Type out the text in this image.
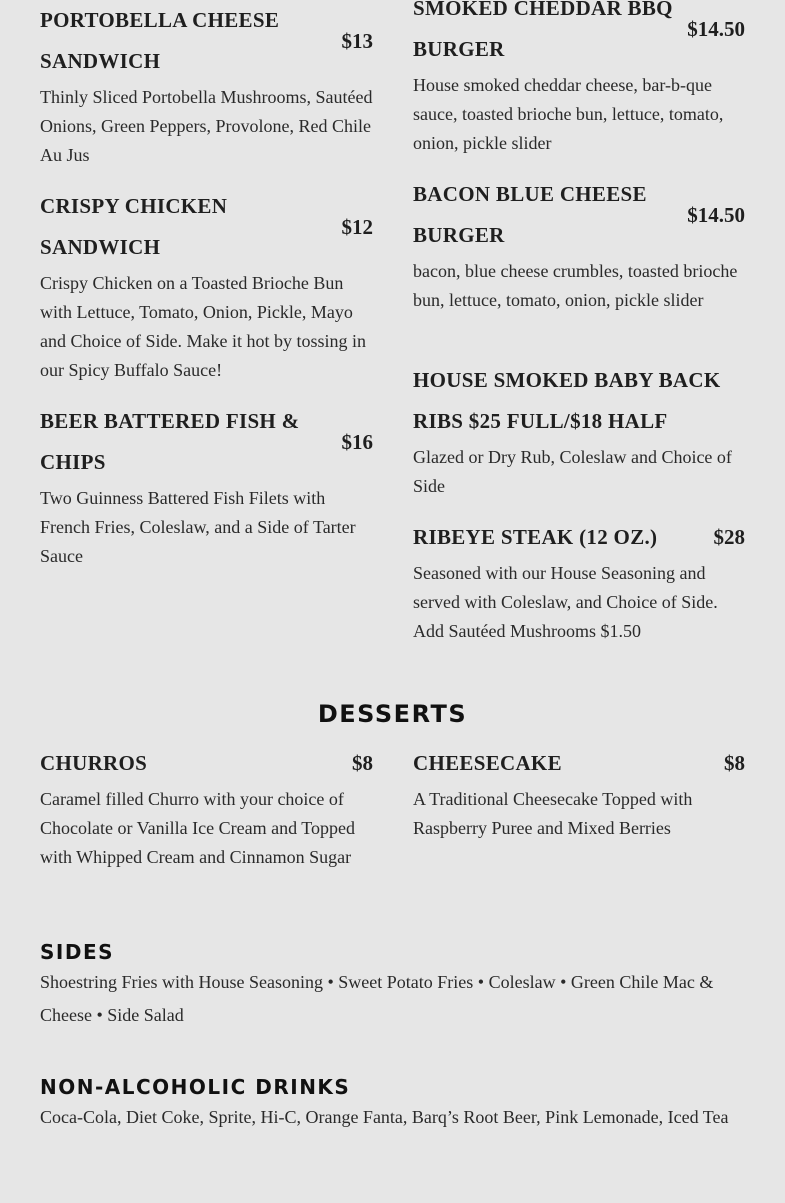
PORTOBELLA CHEESE SANDWICH
$13
Thinly Sliced Portobella Mushrooms, Sautéed Onions, Green Peppers, Provolone, Red Chile Au Jus
CRISPY CHICKEN SANDWICH
$12
Crispy Chicken on a Toasted Brioche Bun with Lettuce, Tomato, Onion, Pickle, Mayo and Choice of Side. Make it hot by tossing in our Spicy Buffalo Sauce!
BEER BATTERED FISH & CHIPS
$16
Two Guinness Battered Fish Filets with French Fries, Coleslaw, and a Side of Tarter Sauce
SMOKED CHEDDAR BBQ BURGER
$14.50
House smoked cheddar cheese, bar-b-que sauce, toasted brioche bun, lettuce, tomato, onion, pickle slider
BACON BLUE CHEESE BURGER
$14.50
bacon, blue cheese crumbles, toasted brioche bun, lettuce, tomato, onion, pickle slider
HOUSE SMOKED BABY BACK RIBS $25 FULL/$18 HALF
Glazed or Dry Rub, Coleslaw and Choice of Side
RIBEYE STEAK (12 OZ.)	$28
Seasoned with our House Seasoning and served with Coleslaw, and Choice of Side. Add Sautéed Mushrooms $1.50
DESSERTS
CHURROS	$8
Caramel filled Churro with your choice of Chocolate or Vanilla Ice Cream and Topped with Whipped Cream and Cinnamon Sugar
CHEESECAKE	$8
A Traditional Cheesecake Topped with Raspberry Puree and Mixed Berries
SIDES
Shoestring Fries with House Seasoning • Sweet Potato Fries • Coleslaw • Green Chile Mac & Cheese • Side Salad
NON-ALCOHOLIC DRINKS
Coca-Cola, Diet Coke, Sprite, Hi-C, Orange Fanta, Barq’s Root Beer, Pink Lemonade, Iced Tea
